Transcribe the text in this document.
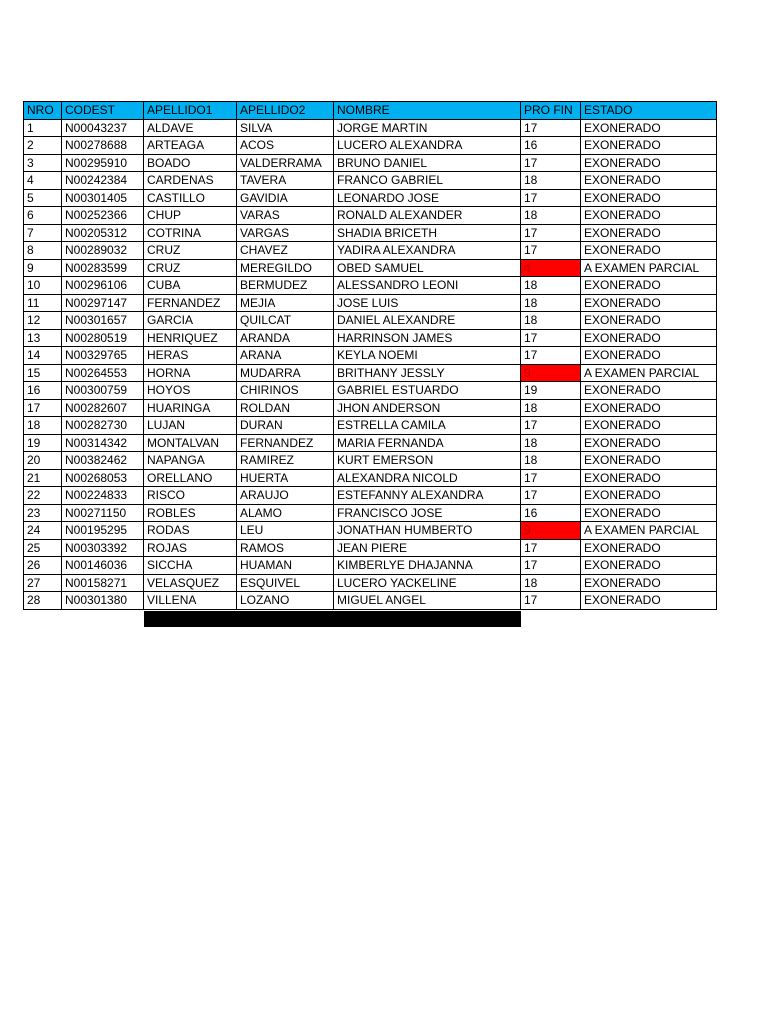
NRO	CODEST	APELLIDO1	APELLIDO2	NOMBRE	PRO FIN	ESTADO
1	N00043237	ALDAVE	SILVA	JORGE MARTIN	17	EXONERADO
2	N00278688	ARTEAGA	ACOS	LUCERO ALEXANDRA	16	EXONERADO
3	N00295910	BOADO	VALDERRAMA	BRUNO DANIEL	17	EXONERADO
4	N00242384	CARDENAS	TAVERA	FRANCO GABRIEL	18	EXONERADO
5	N00301405	CASTILLO	GAVIDIA	LEONARDO JOSE	17	EXONERADO
6	N00252366	CHUP	VARAS	RONALD ALEXANDER	18	EXONERADO
7	N00205312	COTRINA	VARGAS	SHADIA BRICETH	17	EXONERADO
8	N00289032	CRUZ	CHAVEZ	YADIRA ALEXANDRA	17	EXONERADO
9	N00283599	CRUZ	MEREGILDO	OBED SAMUEL	4	A EXAMEN PARCIAL
10	N00296106	CUBA	BERMUDEZ	ALESSANDRO LEONI	18	EXONERADO
11	N00297147	FERNANDEZ	MEJIA	JOSE LUIS	18	EXONERADO
12	N00301657	GARCIA	QUILCAT	DANIEL ALEXANDRE	18	EXONERADO
13	N00280519	HENRIQUEZ	ARANDA	HARRINSON JAMES	17	EXONERADO
14	N00329765	HERAS	ARANA	KEYLA NOEMI	17	EXONERADO
15	N00264553	HORNA	MUDARRA	BRITHANY JESSLY	9	A EXAMEN PARCIAL
16	N00300759	HOYOS	CHIRINOS	GABRIEL ESTUARDO	19	EXONERADO
17	N00282607	HUARINGA	ROLDAN	JHON ANDERSON	18	EXONERADO
18	N00282730	LUJAN	DURAN	ESTRELLA CAMILA	17	EXONERADO
19	N00314342	MONTALVAN	FERNANDEZ	MARIA FERNANDA	18	EXONERADO
20	N00382462	NAPANGA	RAMIREZ	KURT EMERSON	18	EXONERADO
21	N00268053	ORELLANO	HUERTA	ALEXANDRA NICOLD	17	EXONERADO
22	N00224833	RISCO	ARAUJO	ESTEFANNY ALEXANDRA	17	EXONERADO
23	N00271150	ROBLES	ALAMO	FRANCISCO JOSE	16	EXONERADO
24	N00195295	RODAS	LEU	JONATHAN HUMBERTO	9	A EXAMEN PARCIAL
25	N00303392	ROJAS	RAMOS	JEAN PIERE	17	EXONERADO
26	N00146036	SICCHA	HUAMAN	KIMBERLYE DHAJANNA	17	EXONERADO
27	N00158271	VELASQUEZ	ESQUIVEL	LUCERO YACKELINE	18	EXONERADO
28	N00301380	VILLENA	LOZANO	MIGUEL ANGEL	17	EXONERADO
